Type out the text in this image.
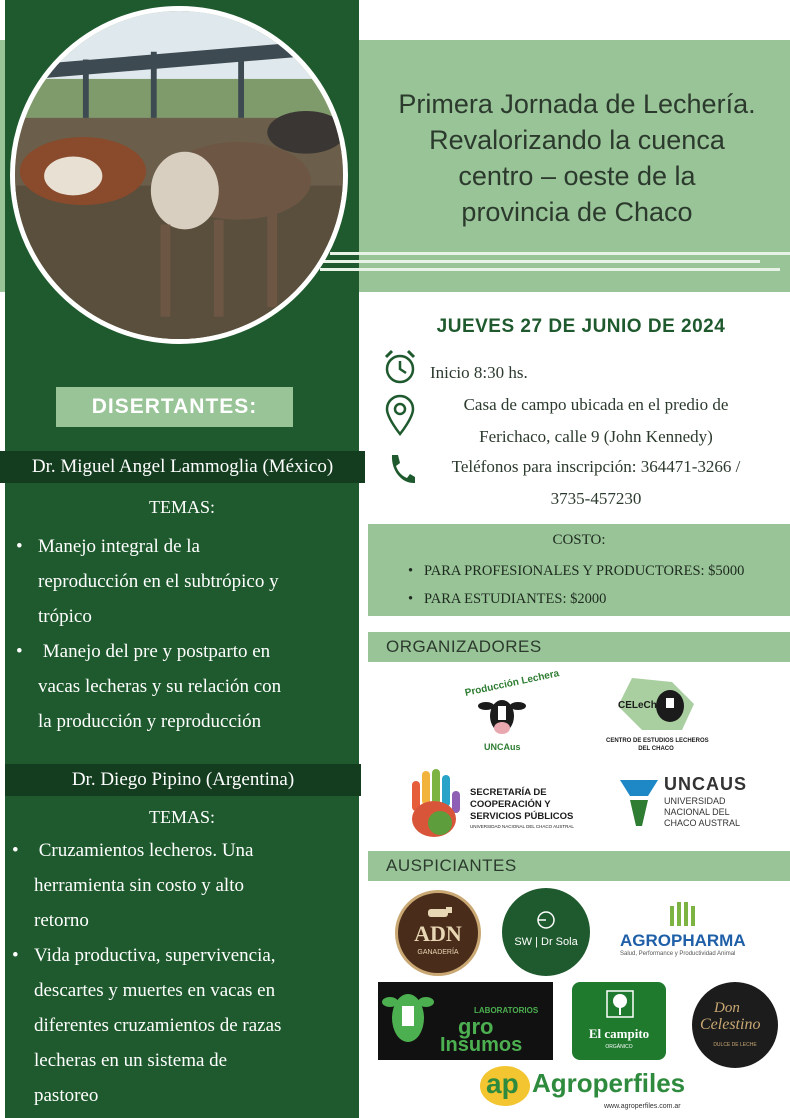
Primera Jornada de Lechería.
Revalorizando la cuenca
centro – oeste de la
provincia de Chaco
DISERTANTES:
Dr. Miguel Angel Lammoglia (México)
TEMAS:
• Manejo integral de la
reproducción en el subtrópico y
trópico
•  Manejo del pre y postparto en
vacas lecheras y su relación con
la producción y reproducción
Dr. Diego Pipino (Argentina)
TEMAS:
•  Cruzamientos lecheros. Una
herramienta sin costo y alto
retorno
• Vida productiva, supervivencia,
descartes y muertes en vacas en
diferentes cruzamientos de razas
lecheras en un sistema de
pastoreo
JUEVES 27 DE JUNIO DE 2024
Inicio 8:30 hs.
Casa de campo ubicada en el predio de
Ferichaco, calle 9 (John Kennedy)
Teléfonos para inscripción: 364471-3266 /
3735-457230
COSTO:
• PARA PROFESIONALES Y PRODUCTORES: $5000
• PARA ESTUDIANTES: $2000
ORGANIZADORES
Producción Lechera
UNCAus
CELeCh
CENTRO DE ESTUDIOS LECHEROS
DEL CHACO
SECRETARÍA DE
COOPERACIÓN Y
SERVICIOS PÚBLICOS
UNIVERSIDAD NACIONAL DEL CHACO AUSTRAL
UNCAUS
UNIVERSIDAD
NACIONAL DEL
CHACO AUSTRAL
AUSPICIANTES
ADN
GANADERÍA
SW | Dr Sola	AGROPHARMA
Salud, Performance y Productividad Animal
LABORATORIOS
gro
Insumos
El campito
ORGÁNICO
Don
Celestino
DULCE DE LECHE
ap Agroperfiles
www.agroperfiles.com.ar
